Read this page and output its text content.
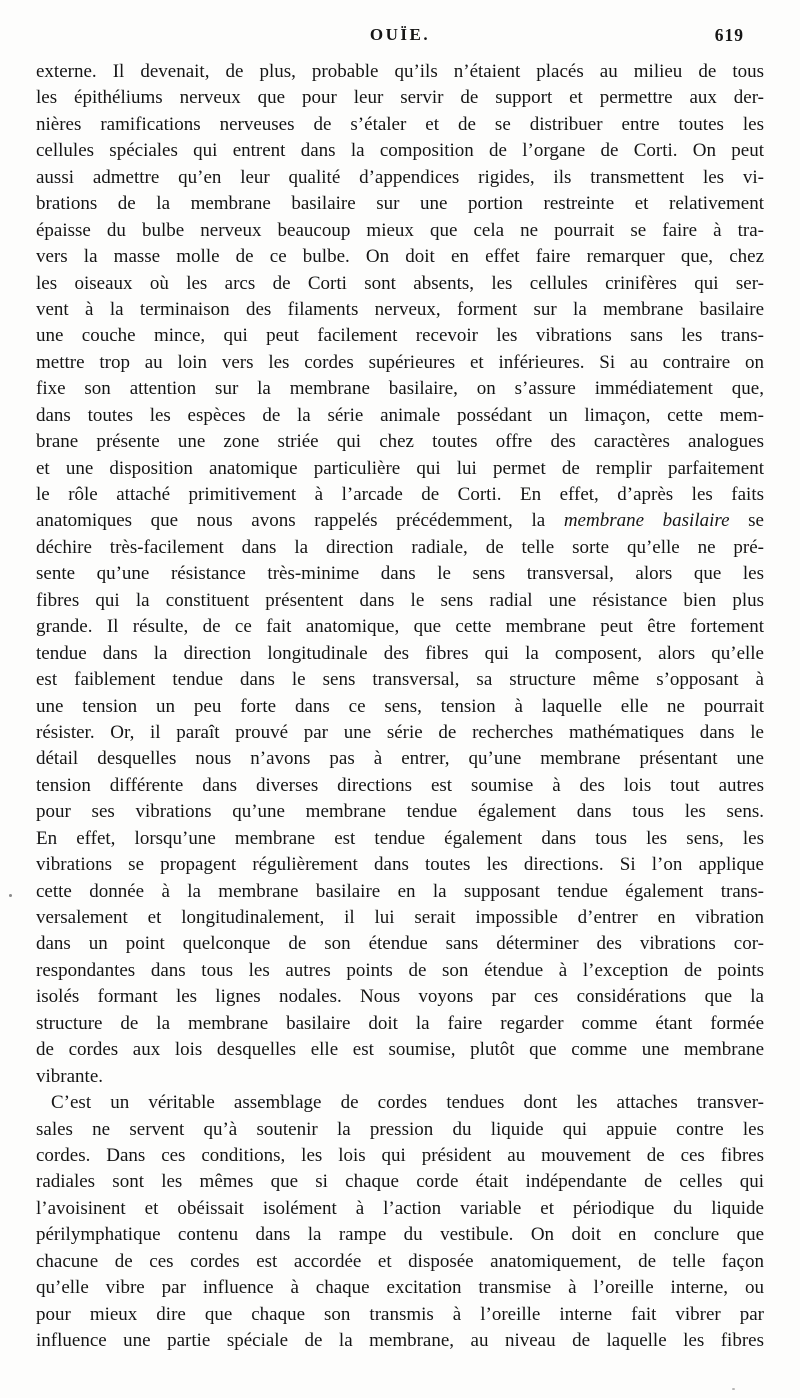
OUÏE.	619
externe. Il devenait, de plus, probable qu’ils n’étaient placés au milieu de tous
les épithéliums nerveux que pour leur servir de support et permettre aux der-
nières ramifications nerveuses de s’étaler et de se distribuer entre toutes les
cellules spéciales qui entrent dans la composition de l’organe de Corti. On peut
aussi admettre qu’en leur qualité d’appendices rigides, ils transmettent les vi-
brations de la membrane basilaire sur une portion restreinte et relativement
épaisse du bulbe nerveux beaucoup mieux que cela ne pourrait se faire à tra-
vers la masse molle de ce bulbe. On doit en effet faire remarquer que, chez
les oiseaux où les arcs de Corti sont absents, les cellules crinifères qui ser-
vent à la terminaison des filaments nerveux, forment sur la membrane basilaire
une couche mince, qui peut facilement recevoir les vibrations sans les trans-
mettre trop au loin vers les cordes supérieures et inférieures. Si au contraire on
fixe son attention sur la membrane basilaire, on s’assure immédiatement que,
dans toutes les espèces de la série animale possédant un limaçon, cette mem-
brane présente une zone striée qui chez toutes offre des caractères analogues
et une disposition anatomique particulière qui lui permet de remplir parfaitement
le rôle attaché primitivement à l’arcade de Corti. En effet, d’après les faits
anatomiques que nous avons rappelés précédemment, la membrane basilaire se
déchire très-facilement dans la direction radiale, de telle sorte qu’elle ne pré-
sente qu’une résistance très-minime dans le sens transversal, alors que les
fibres qui la constituent présentent dans le sens radial une résistance bien plus
grande. Il résulte, de ce fait anatomique, que cette membrane peut être fortement
tendue dans la direction longitudinale des fibres qui la composent, alors qu’elle
est faiblement tendue dans le sens transversal, sa structure même s’opposant à
une tension un peu forte dans ce sens, tension à laquelle elle ne pourrait
résister. Or, il paraît prouvé par une série de recherches mathématiques dans le
détail desquelles nous n’avons pas à entrer, qu’une membrane présentant une
tension différente dans diverses directions est soumise à des lois tout autres
pour ses vibrations qu’une membrane tendue également dans tous les sens.
En effet, lorsqu’une membrane est tendue également dans tous les sens, les
vibrations se propagent régulièrement dans toutes les directions. Si l’on applique
cette donnée à la membrane basilaire en la supposant tendue également trans-
versalement et longitudinalement, il lui serait impossible d’entrer en vibration
dans un point quelconque de son étendue sans déterminer des vibrations cor-
respondantes dans tous les autres points de son étendue à l’exception de points
isolés formant les lignes nodales. Nous voyons par ces considérations que la
structure de la membrane basilaire doit la faire regarder comme étant formée
de cordes aux lois desquelles elle est soumise, plutôt que comme une membrane
vibrante.
C’est un véritable assemblage de cordes tendues dont les attaches transver-
sales ne servent qu’à soutenir la pression du liquide qui appuie contre les
cordes. Dans ces conditions, les lois qui président au mouvement de ces fibres
radiales sont les mêmes que si chaque corde était indépendante de celles qui
l’avoisinent et obéissait isolément à l’action variable et périodique du liquide
périlymphatique contenu dans la rampe du vestibule. On doit en conclure que
chacune de ces cordes est accordée et disposée anatomiquement, de telle façon
qu’elle vibre par influence à chaque excitation transmise à l’oreille interne, ou
pour mieux dire que chaque son transmis à l’oreille interne fait vibrer par
influence une partie spéciale de la membrane, au niveau de laquelle les fibres
